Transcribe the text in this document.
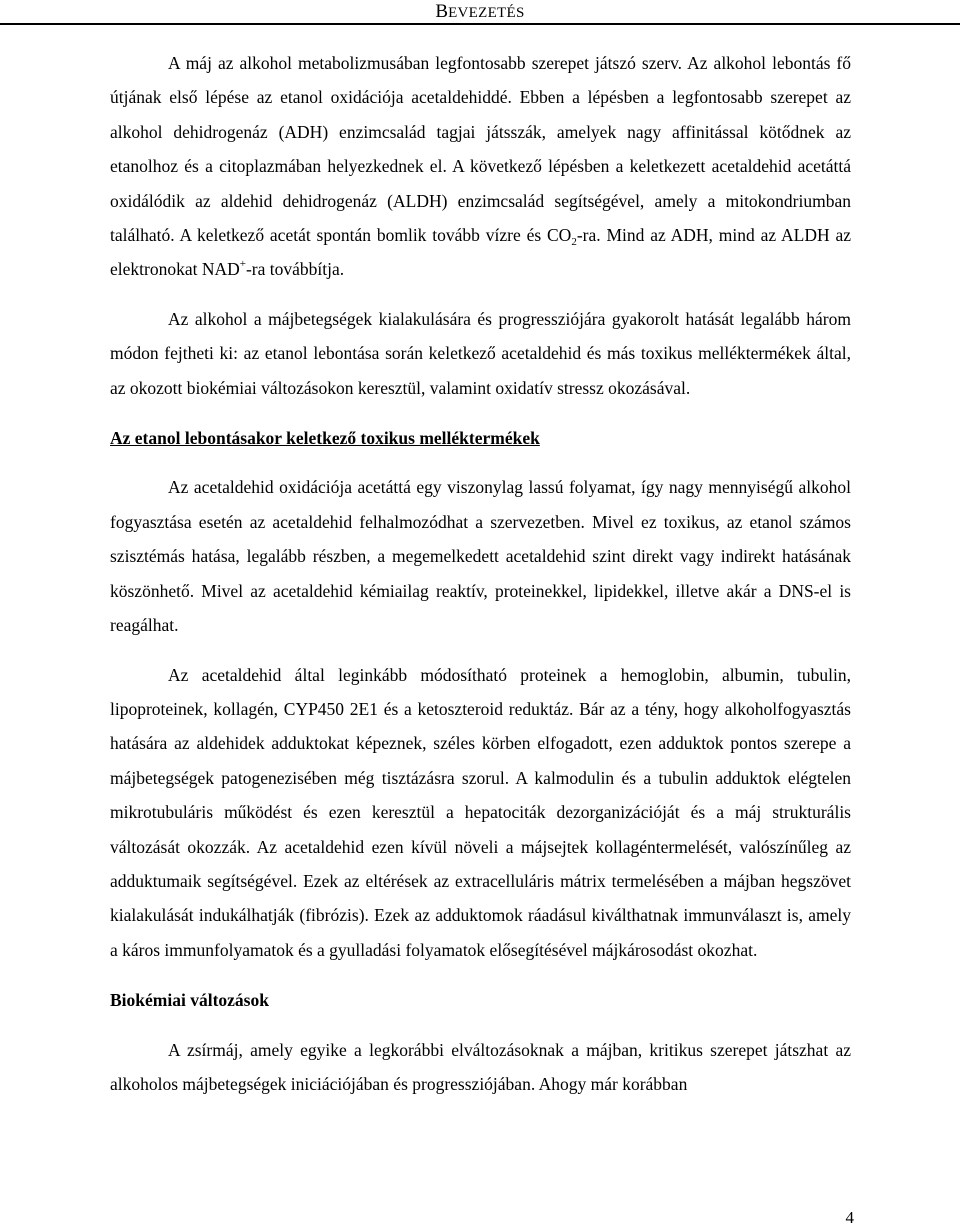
BEVEZETÉS

A máj az alkohol metabolizmusában legfontosabb szerepet játszó szerv. Az alkohol lebontás fő útjának első lépése az etanol oxidációja acetaldehiddé. Ebben a lépésben a legfontosabb szerepet az alkohol dehidrogenáz (ADH) enzimcsalád tagjai játsszák, amelyek nagy affinitással kötődnek az etanolhoz és a citoplazmában helyezkednek el. A következő lépésben a keletkezett acetaldehid acetáttá oxidálódik az aldehid dehidrogenáz (ALDH) enzimcsalád segítségével, amely a mitokondriumban található. A keletkező acetát spontán bomlik tovább vízre és $CO_2-ra$. Mind az ADH, mind az ALDH az elektronokat NAD+-ra továbbítja.

Az alkohol a májbetegségek kialakulására és progressziójára gyakorolt hatását legalább három módon fejtheti ki: az etanol lebontása során keletkező acetaldehid és más toxikus melléktermékek által, az okozott biokémiai változásokon keresztül, valamint oxidatív stressz okozásával.

Az etanol lebontásakor keletkező toxikus melléktermékek

Az acetaldehid oxidációja acetáttá egy viszonylag lassú folyamat, így nagy mennyiségű alkohol fogyasztása esetén az acetaldehid felhalmozódhat a szervezetben. Mivel ez toxikus, az etanol számos szisztémás hatása, legalább részben, a megemelkedett acetaldehid szint direkt vagy indirekt hatásának köszönhető. Mivel az acetaldehid kémiailag reaktív, proteinekkel, lipidekkel, illetve akár a DNS-el is reagálhat.

Az acetaldehid által leginkább módosítható proteinek a hemoglobin, albumin, tubulin, lipoproteinek, kollagén, CYP450 2E1 és a ketoszteroid reduktáz. Bár az a tény, hogy alkoholfogyasztás hatására az aldehidek adduktokat képeznek, széles körben elfogadott, ezen adduktok pontos szerepe a májbetegségek patogenezisében még tisztázásra szorul. A kalmodulin és a tubulin adduktok elégtelen mikrotubuláris működést és ezen keresztül a hepatociták dezorganizációját és a máj strukturális változását okozzák. Az acetaldehid ezen kívül növeli a májsejtek kollagéntermelését, valószínűleg az adduktumaik segítségével. Ezek az eltérések az extracelluláris mátrix termelésében a májban hegszövet kialakulását indukálhatják (fibrózis). Ezek az adduktomok ráadásul kiválthatnak immunválaszt is, amely a káros immunfolyamatok és a gyulladási folyamatok elősegítésével májkárosodást okozhat.

Biokémiai változások

A zsírmáj, amely egyike a legkorábbi elváltozásoknak a májban, kritikus szerepet játszhat az alkoholos májbetegségek iniciációjában és progressziójában. Ahogy már korábban

4
